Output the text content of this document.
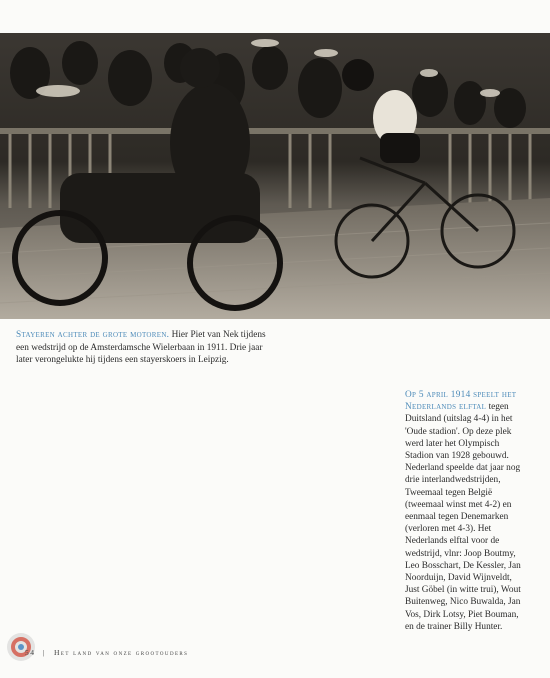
Stayeren achter de grote motoren. Hier Piet van Nek tijdens een wedstrijd op de Amsterdamsche Wielerbaan in 1911. Drie jaar later verongelukte hij tijdens een stayerskoers in Leipzig.
Op 5 april 1914 speelt het Nederlands elftal tegen Duitsland (uitslag 4-4) in het 'Oude stadion'. Op deze plek werd later het Olympisch Stadion van 1928 gebouwd. Nederland speelde dat jaar nog drie interlandwedstrijden, Tweemaal tegen België (tweemaal winst met 4-2) en eenmaal tegen Denemarken (verloren met 4-3). Het Nederlands elftal voor de wedstrijd, vlnr: Joop Boutmy, Leo Bosschart, De Kessler, Jan Noorduijn, David Wijnveldt, Just Göbel (in witte trui), Wout Buitenweg, Nico Buwalda, Jan Vos, Dirk Lotsy, Piet Bouman, en de trainer Billy Hunter.
54 | Het land van onze grootouders
